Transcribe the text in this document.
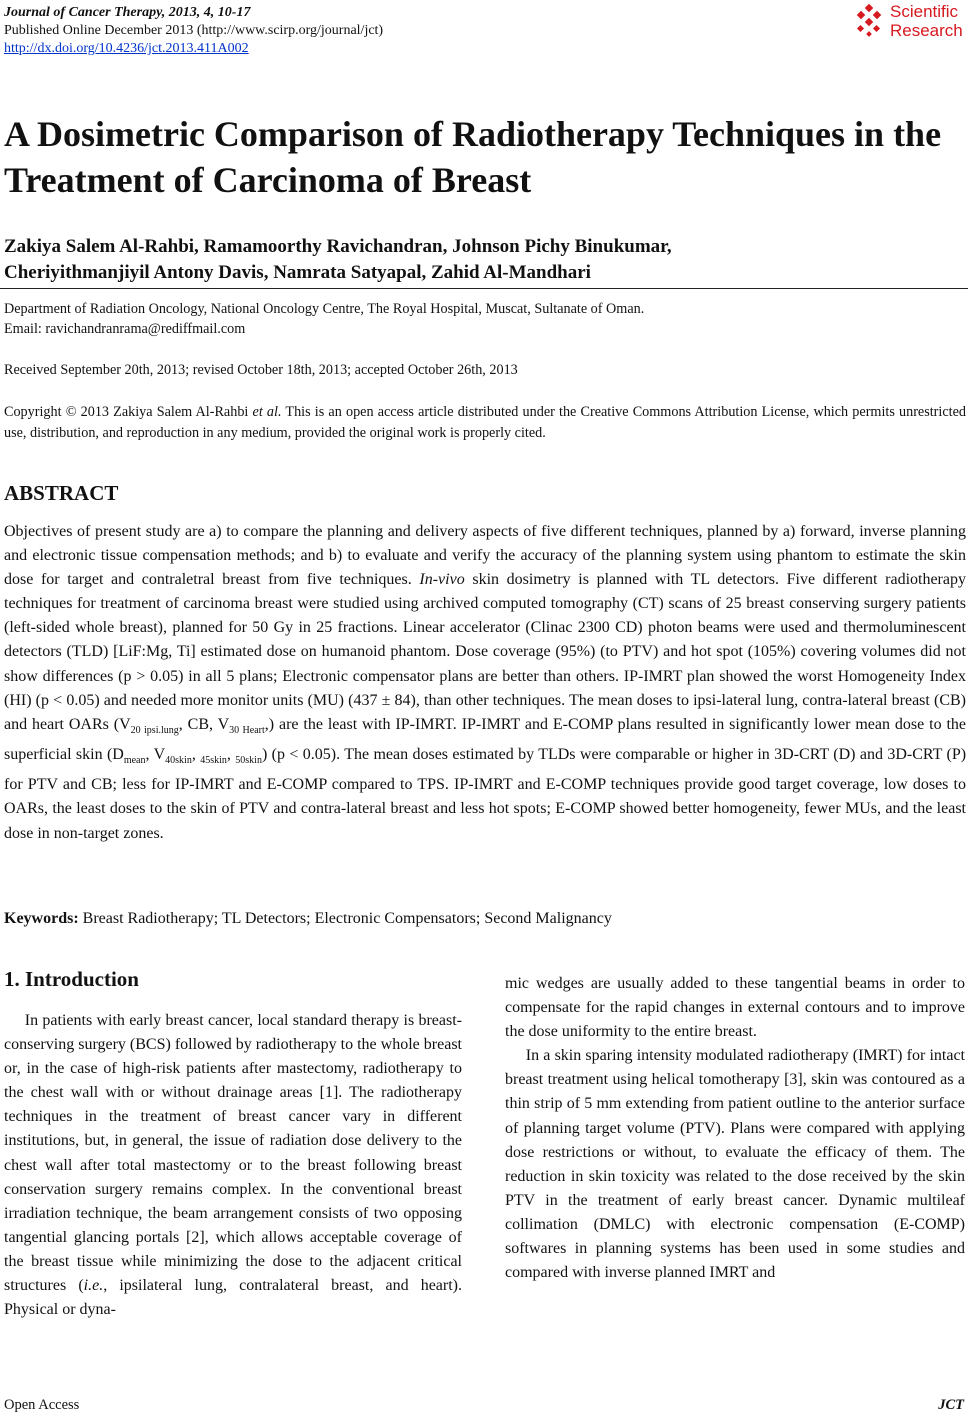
Journal of Cancer Therapy, 2013, 4, 10-17
Published Online December 2013 (http://www.scirp.org/journal/jct)
http://dx.doi.org/10.4236/jct.2013.411A002
Scientific
Research
A Dosimetric Comparison of Radiotherapy Techniques in the Treatment of Carcinoma of Breast
Zakiya Salem Al-Rahbi, Ramamoorthy Ravichandran, Johnson Pichy Binukumar,
Cheriyithmanjiyil Antony Davis, Namrata Satyapal, Zahid Al-Mandhari
Department of Radiation Oncology, National Oncology Centre, The Royal Hospital, Muscat, Sultanate of Oman.
Email: ravichandranrama@rediffmail.com
Received September 20th, 2013; revised October 18th, 2013; accepted October 26th, 2013
Copyright © 2013 Zakiya Salem Al-Rahbi et al. This is an open access article distributed under the Creative Commons Attribution License, which permits unrestricted use, distribution, and reproduction in any medium, provided the original work is properly cited.
ABSTRACT
Objectives of present study are a) to compare the planning and delivery aspects of five different techniques, planned by a) forward, inverse planning and electronic tissue compensation methods; and b) to evaluate and verify the accuracy of the planning system using phantom to estimate the skin dose for target and contraletral breast from five techniques. In-vivo skin dosimetry is planned with TL detectors. Five different radiotherapy techniques for treatment of carcinoma breast were studied using archived computed tomography (CT) scans of 25 breast conserving surgery patients (left-sided whole breast), planned for 50 Gy in 25 fractions. Linear accelerator (Clinac 2300 CD) photon beams were used and thermoluminescent detectors (TLD) [LiF:Mg, Ti] estimated dose on humanoid phantom. Dose coverage (95%) (to PTV) and hot spot (105%) covering volumes did not show differences (p > 0.05) in all 5 plans; Electronic compensator plans are better than others. IP-IMRT plan showed the worst Homogeneity Index (HI) (p < 0.05) and needed more monitor units (MU) (437 ± 84), than other techniques. The mean doses to ipsi-lateral lung, contra-lateral breast (CB) and heart OARs ($V_{20 ipsi.lung}$, CB, $V_{30 Heart}$,) are the least with IP-IMRT. IP-IMRT and E-COMP plans resulted in significantly lower mean dose to the superficial skin ($D_{mean}$, $V_{40skin}$, $_{45skin}$, $_{50skin}$) (p < 0.05). The mean doses estimated by TLDs were comparable or higher in 3D-CRT (D) and 3D-CRT (P) for PTV and CB; less for IP-IMRT and E-COMP compared to TPS. IP-IMRT and E-COMP techniques provide good target coverage, low doses to OARs, the least doses to the skin of PTV and contra-lateral breast and less hot spots; E-COMP showed better homogeneity, fewer MUs, and the least dose in non-target zones.
Keywords: Breast Radiotherapy; TL Detectors; Electronic Compensators; Second Malignancy
1. Introduction

In patients with early breast cancer, local standard therapy is breast-conserving surgery (BCS) followed by radiotherapy to the whole breast or, in the case of high-risk patients after mastectomy, radiotherapy to the chest wall with or without drainage areas [1]. The radiotherapy techniques in the treatment of breast cancer vary in different institutions, but, in general, the issue of radiation dose delivery to the chest wall after total mastectomy or to the breast following breast conservation surgery remains complex. In the conventional breast irradiation technique, the beam arrangement consists of two opposing tangential glancing portals [2], which allows acceptable coverage of the breast tissue while minimizing the dose to the adjacent critical structures (i.e., ipsilateral lung, contralateral breast, and heart). Physical or dyna-

mic wedges are usually added to these tangential beams in order to compensate for the rapid changes in external contours and to improve the dose uniformity to the entire breast.

In a skin sparing intensity modulated radiotherapy (IMRT) for intact breast treatment using helical tomotherapy [3], skin was contoured as a thin strip of 5 mm extending from patient outline to the anterior surface of planning target volume (PTV). Plans were compared with applying dose restrictions or without, to evaluate the efficacy of them. The reduction in skin toxicity was related to the dose received by the skin PTV in the treatment of early breast cancer. Dynamic multileaf collimation (DMLC) with electronic compensation (E-COMP) softwares in planning systems has been used in some studies and compared with inverse planned IMRT and

Open Access	JCT
